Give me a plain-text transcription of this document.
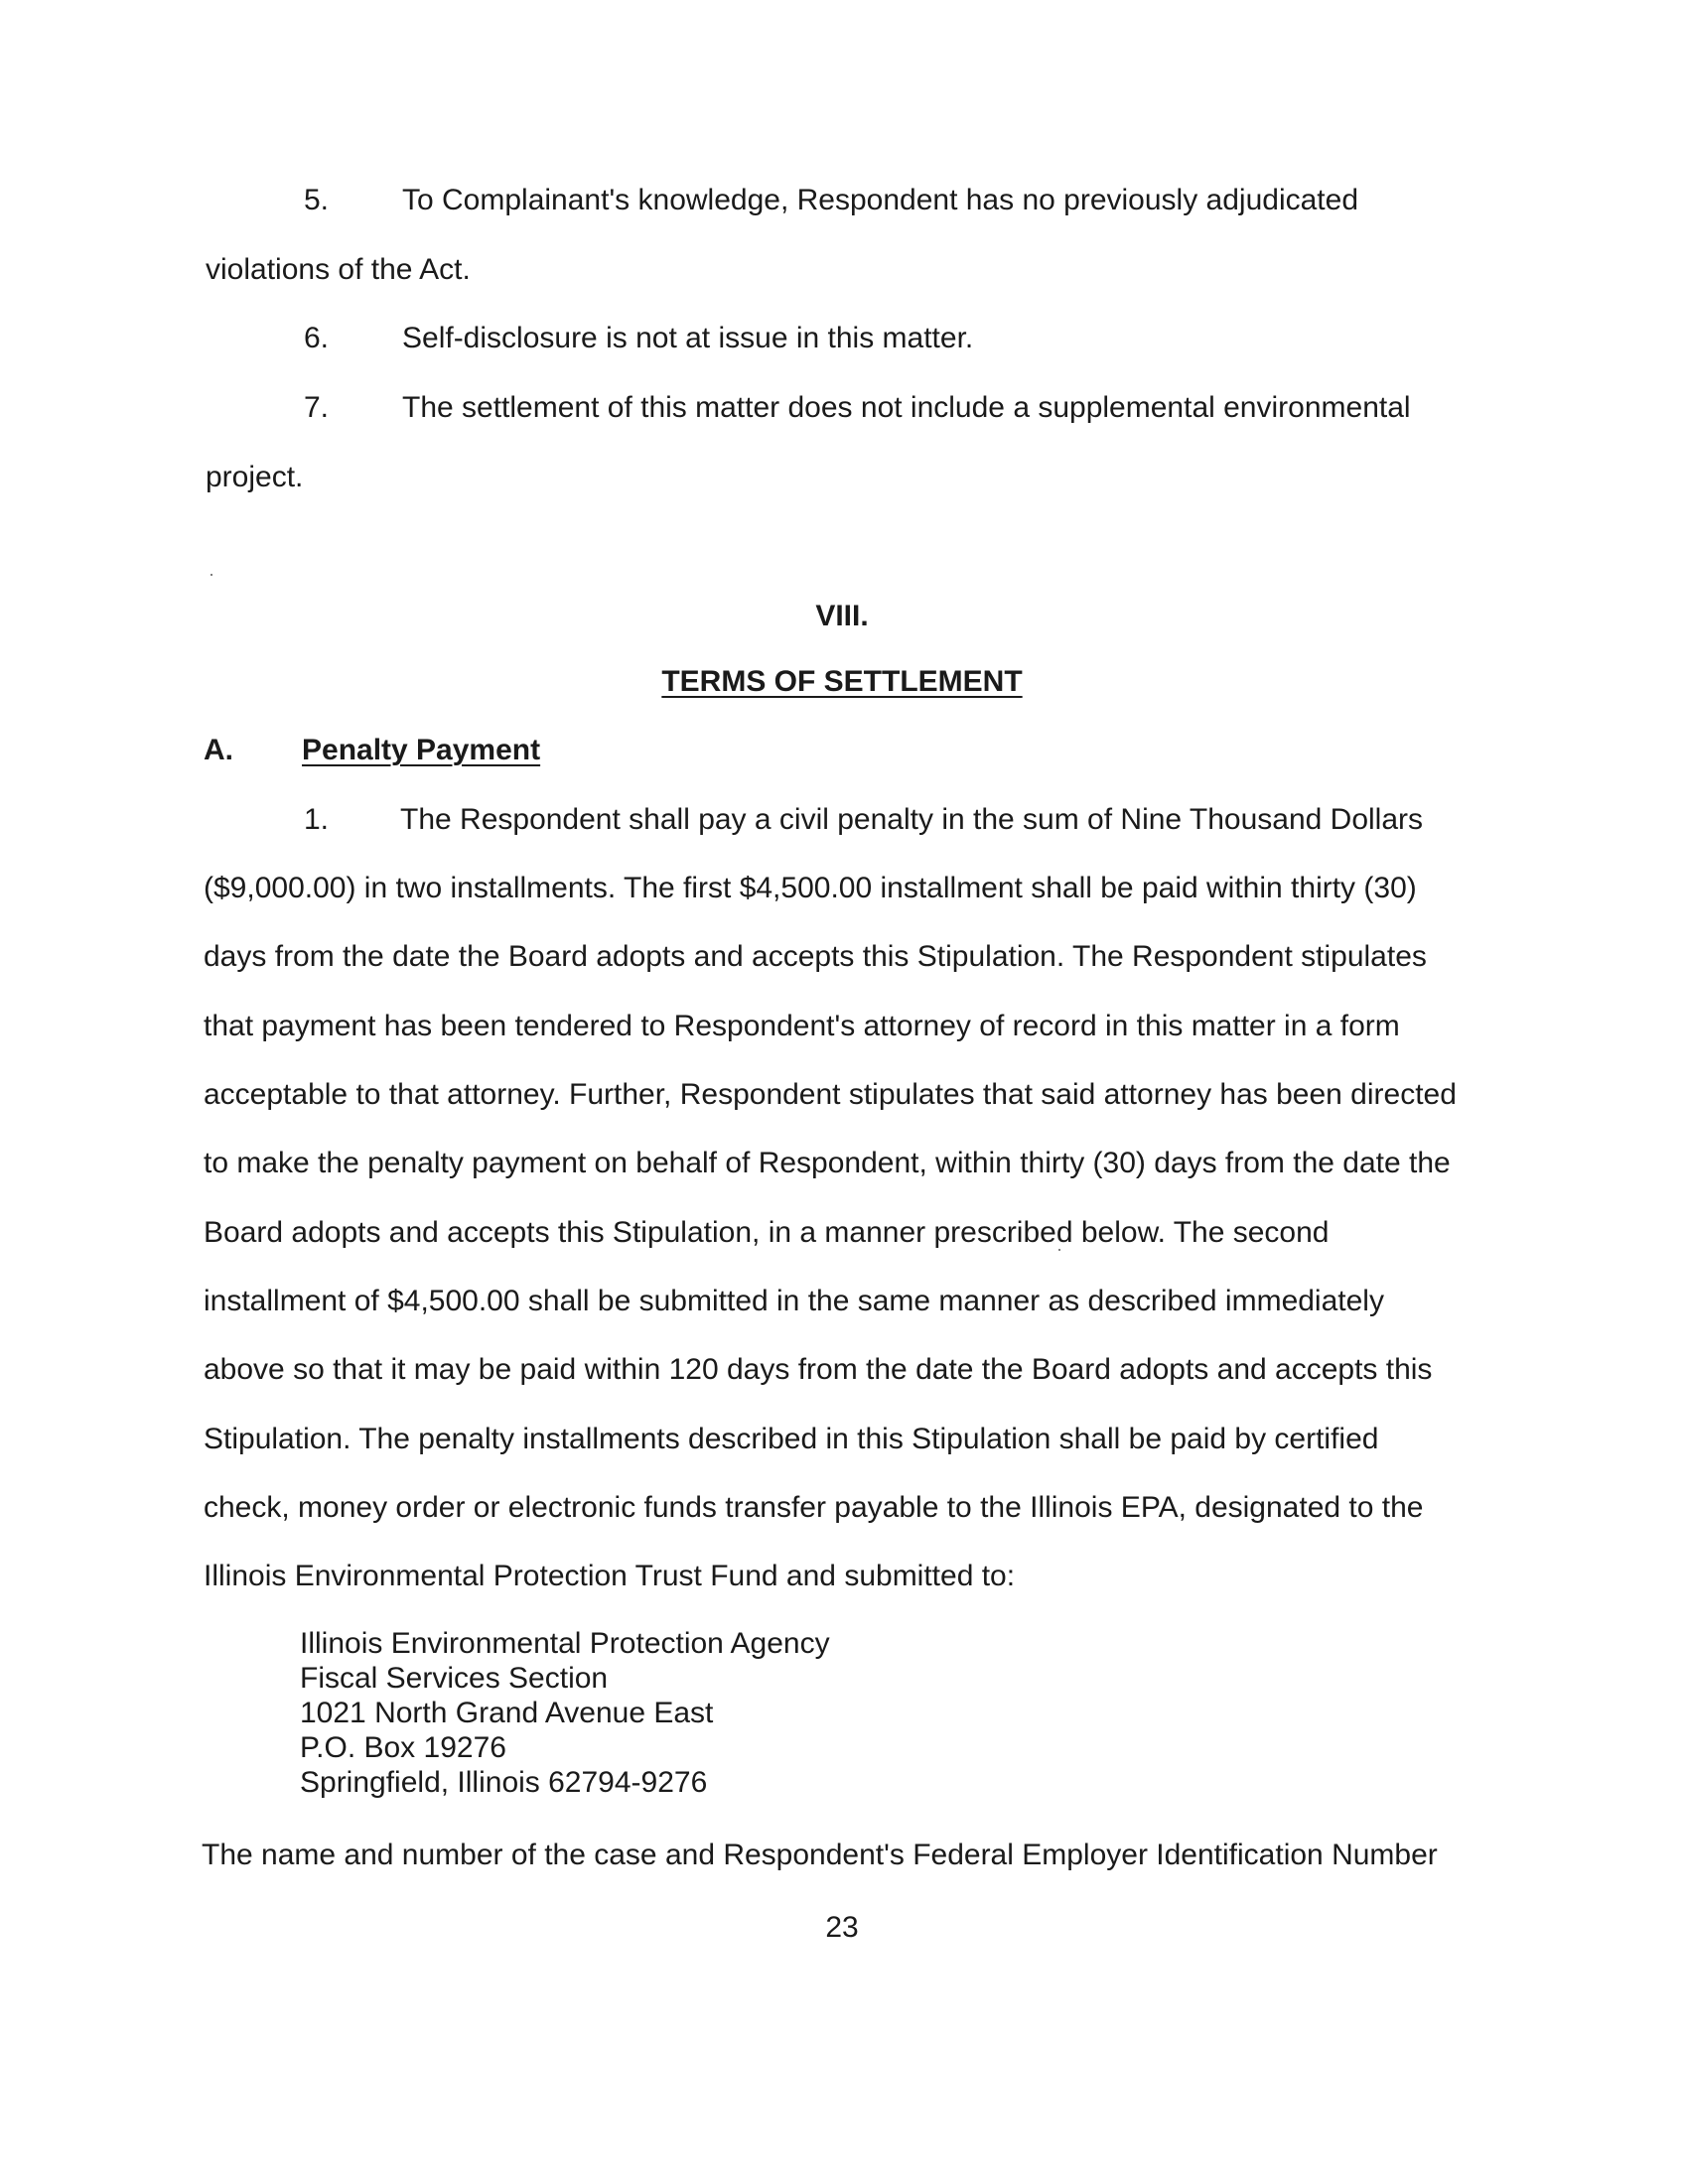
5. To Complainant's knowledge, Respondent has no previously adjudicated
violations of the Act.
6. Self-disclosure is not at issue in this matter.
7. The settlement of this matter does not include a supplemental environmental
project.
VIII.
TERMS OF SETTLEMENT
A. Penalty Payment
1. The Respondent shall pay a civil penalty in the sum of Nine Thousand Dollars
($9,000.00) in two installments. The first $4,500.00 installment shall be paid within thirty (30)
days from the date the Board adopts and accepts this Stipulation. The Respondent stipulates
that payment has been tendered to Respondent's attorney of record in this matter in a form
acceptable to that attorney. Further, Respondent stipulates that said attorney has been directed
to make the penalty payment on behalf of Respondent, within thirty (30) days from the date the
Board adopts and accepts this Stipulation, in a manner prescribed below. The second
installment of $4,500.00 shall be submitted in the same manner as described immediately
above so that it may be paid within 120 days from the date the Board adopts and accepts this
Stipulation. The penalty installments described in this Stipulation shall be paid by certified
check, money order or electronic funds transfer payable to the Illinois EPA, designated to the
Illinois Environmental Protection Trust Fund and submitted to:
Illinois Environmental Protection Agency
Fiscal Services Section
1021 North Grand Avenue East
P.O. Box 19276
Springfield, Illinois 62794-9276
The name and number of the case and Respondent's Federal Employer Identification Number
23
